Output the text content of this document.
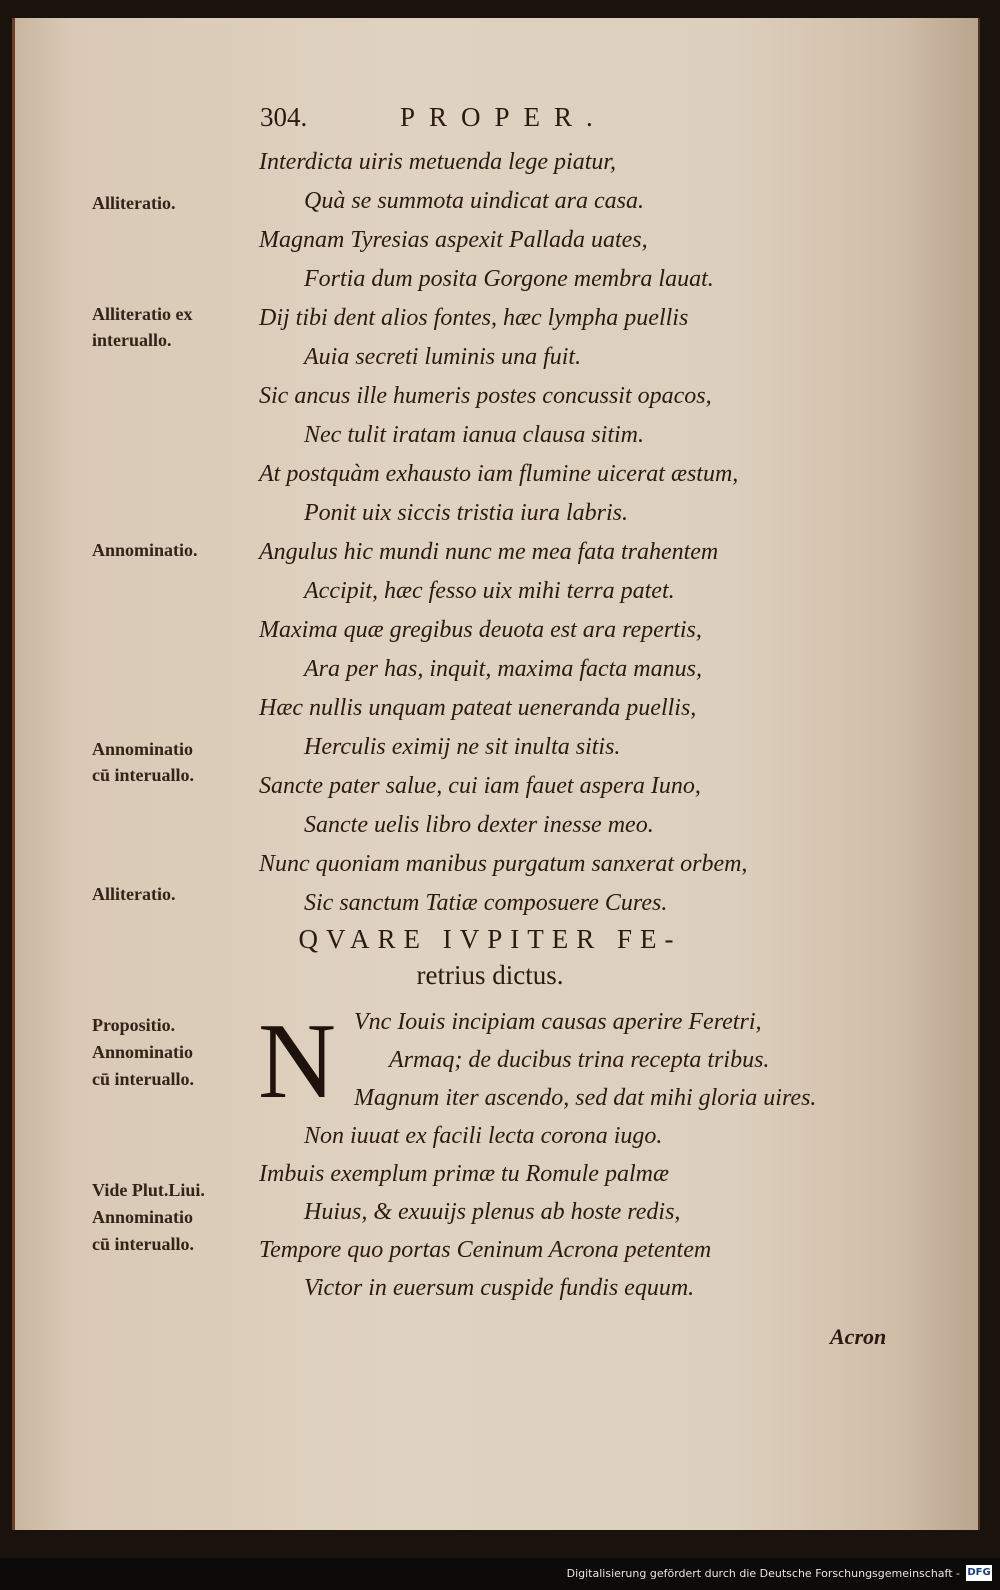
304.	PROPER.
Alliteratio.
Alliteratio ex
interuallo.
Annominatio.
Annominatio
cū interuallo.
Alliteratio.
Propositio.
Annominatio
cū interuallo.
Vide Plut.Liui.
Annominatio
cū interuallo.
Interdicta uiris metuenda lege piatur,
Quà se summota uindicat ara casa.
Magnam Tyresias aspexit Pallada uates,
Fortia dum posita Gorgone membra lauat.
Dij tibi dent alios fontes, hæc lympha puellis
Auia secreti luminis una fuit.
Sic ancus ille humeris postes concussit opacos,
Nec tulit iratam ianua clausa sitim.
At postquàm exhausto iam flumine uicerat æstum,
Ponit uix siccis tristia iura labris.
Angulus hic mundi nunc me mea fata trahentem
Accipit, hæc fesso uix mihi terra patet.
Maxima quæ gregibus deuota est ara repertis,
Ara per has, inquit, maxima facta manus,
Hæc nullis unquam pateat ueneranda puellis,
Herculis eximij ne sit inulta sitis.
Sancte pater salue, cui iam fauet aspera Iuno,
Sancte uelis libro dexter inesse meo.
Nunc quoniam manibus purgatum sanxerat orbem,
Sic sanctum Tatiæ composuere Cures.
QVARE IVPITER FE-
retrius dictus.
N Vnc Iouis incipiam causas aperire Feretri,
Armaq; de ducibus trina recepta tribus.
Magnum iter ascendo, sed dat mihi gloria uires.
Non iuuat ex facili lecta corona iugo.
Imbuis exemplum primæ tu Romule palmæ
Huius, & exuuijs plenus ab hoste redis,
Tempore quo portas Ceninum Acrona petentem
Victor in euersum cuspide fundis equum.
Acron
Digitalisierung gefördert durch die Deutsche Forschungsgemeinschaft - DFG
